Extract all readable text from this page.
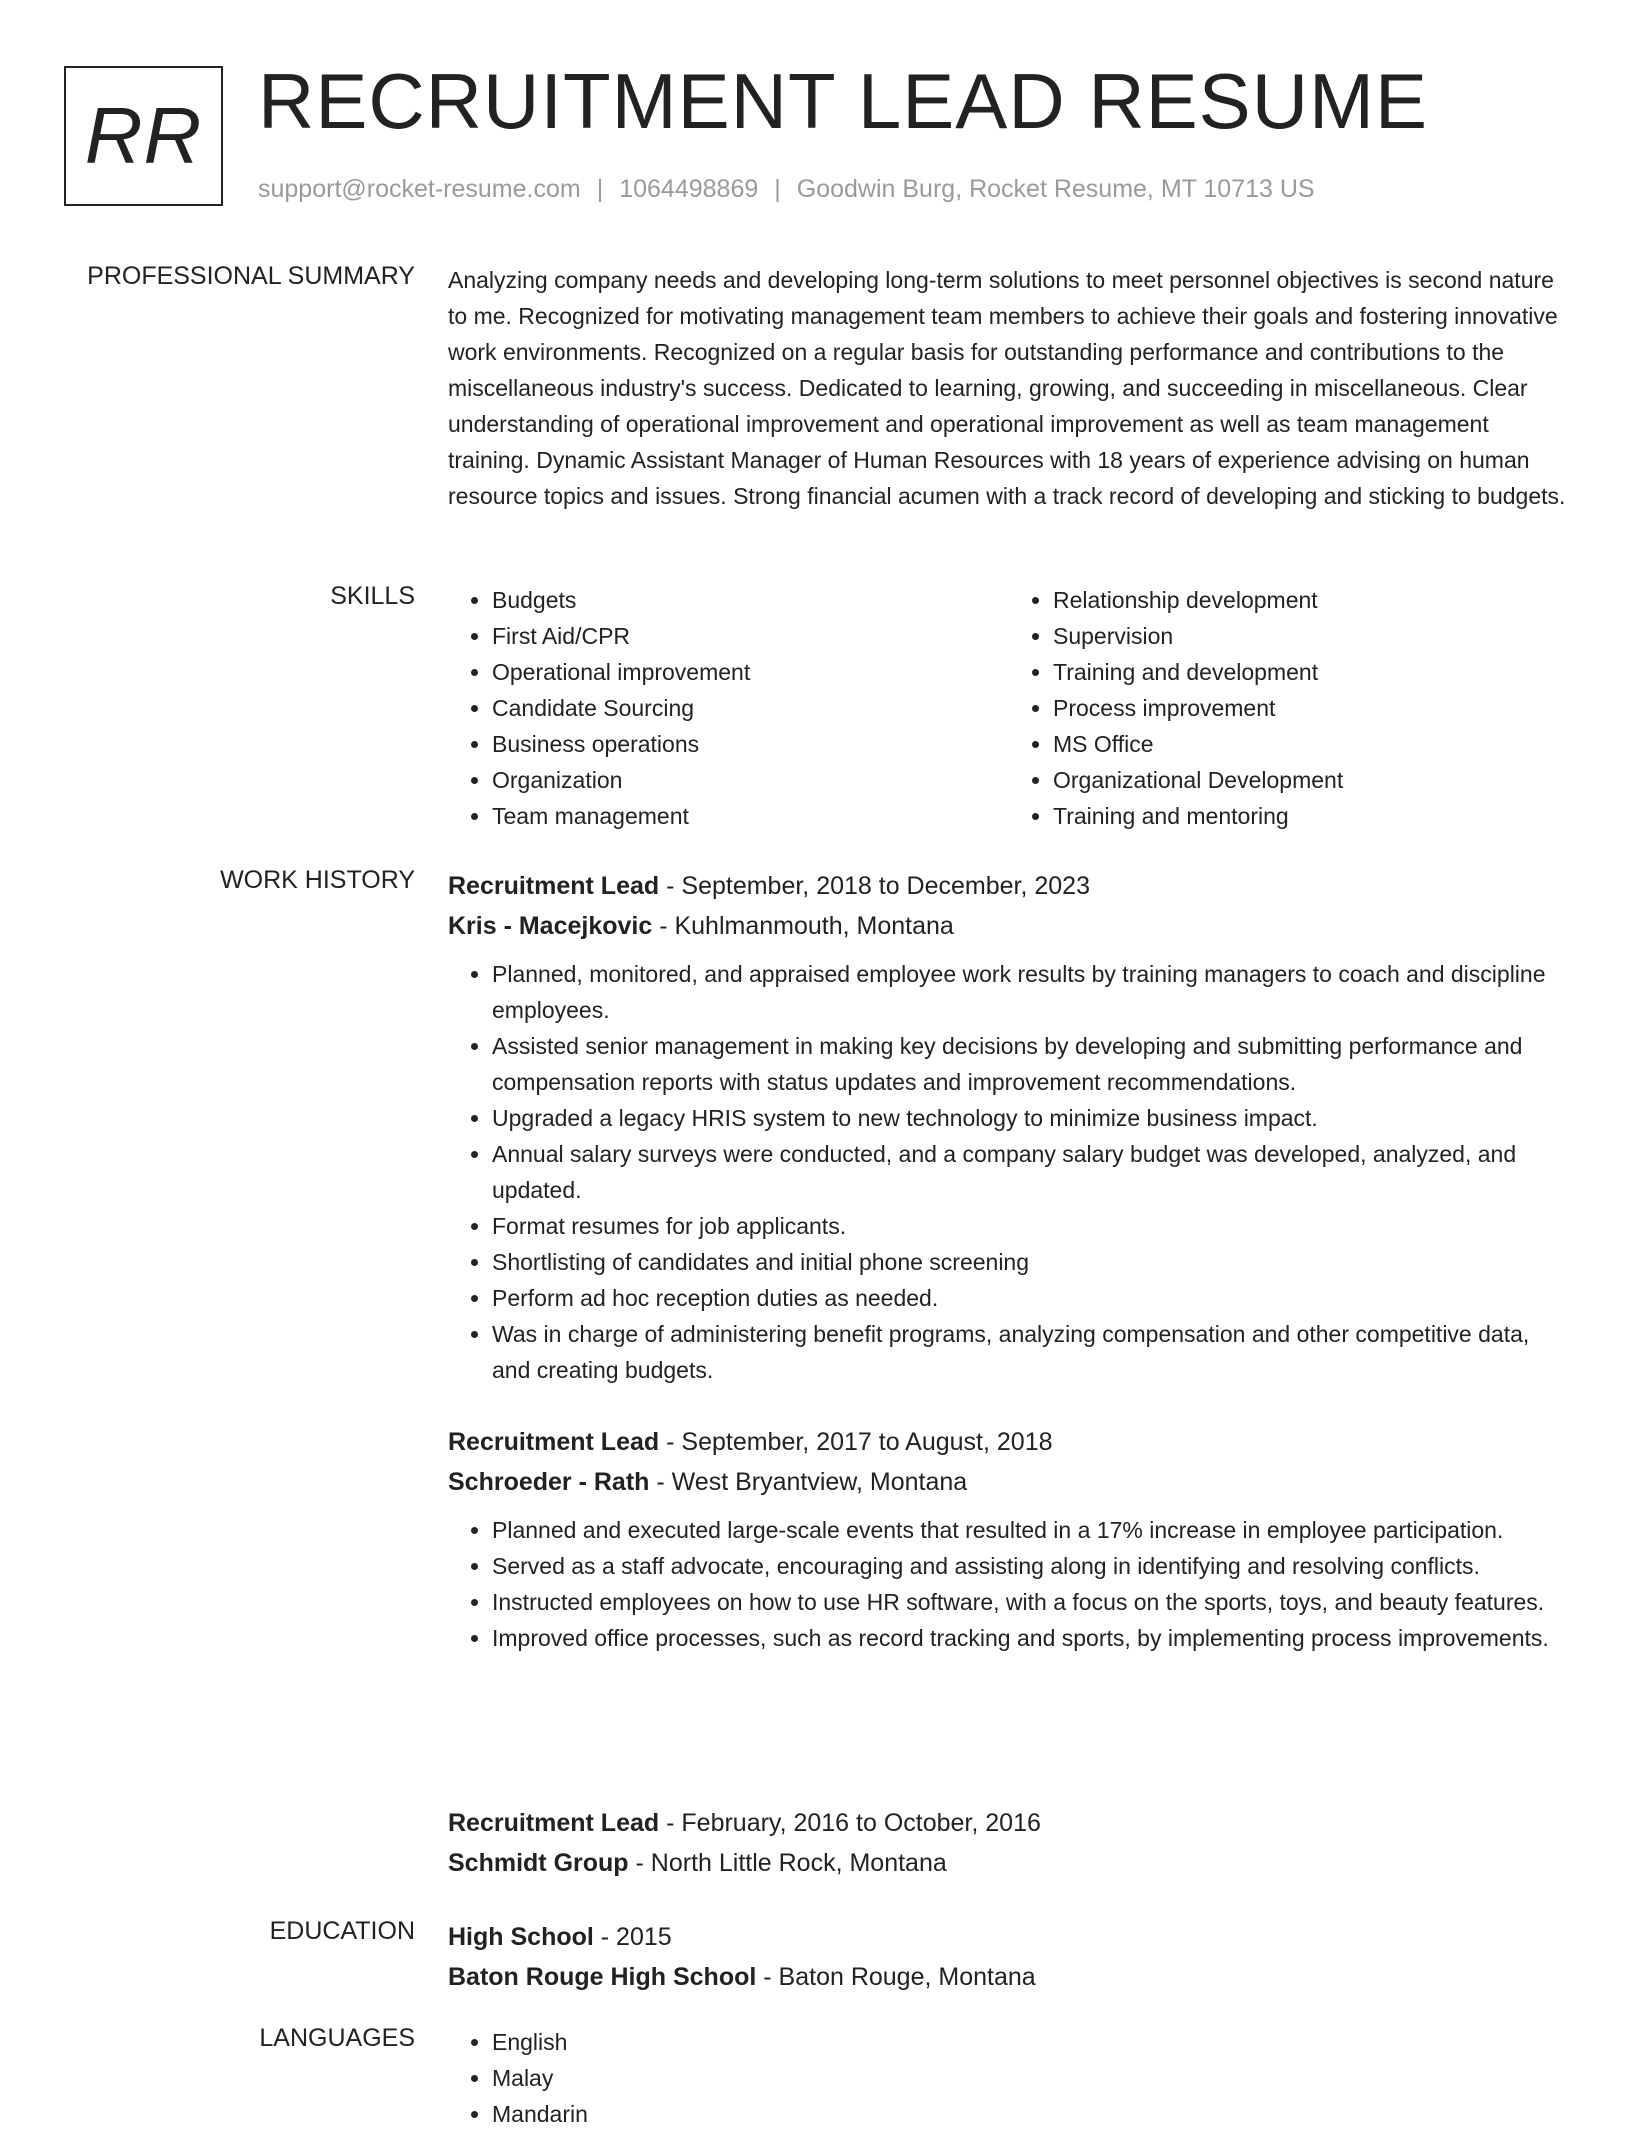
RR RECRUITMENT LEAD RESUME
support@rocket-resume.com | 1064498869 | Goodwin Burg, Rocket Resume, MT 10713 US
PROFESSIONAL SUMMARY Analyzing company needs and developing long-term solutions to meet personnel objectives is second nature to me. Recognized for motivating management team members to achieve their goals and fostering innovative work environments. Recognized on a regular basis for outstanding performance and contributions to the miscellaneous industry's success. Dedicated to learning, growing, and succeeding in miscellaneous. Clear understanding of operational improvement and operational improvement as well as team management training. Dynamic Assistant Manager of Human Resources with 18 years of experience advising on human resource topics and issues. Strong financial acumen with a track record of developing and sticking to budgets.

SKILLS	• Budgets
• First Aid/CPR
• Operational improvement
• Candidate Sourcing
• Business operations
• Organization
• Team management
• Relationship development
• Supervision
• Training and development
• Process improvement
• MS Office
• Organizational Development
• Training and mentoring
WORK HISTORY Recruitment Lead - September, 2018 to December, 2023
Kris - Macejkovic - Kuhlmanmouth, Montana
• Planned, monitored, and appraised employee work results by training managers to coach and discipline employees.
• Assisted senior management in making key decisions by developing and submitting performance and compensation reports with status updates and improvement recommendations.
• Upgraded a legacy HRIS system to new technology to minimize business impact.
• Annual salary surveys were conducted, and a company salary budget was developed, analyzed, and updated.
• Format resumes for job applicants.
• Shortlisting of candidates and initial phone screening
• Perform ad hoc reception duties as needed.
• Was in charge of administering benefit programs, analyzing compensation and other competitive data, and creating budgets.
Recruitment Lead - September, 2017 to August, 2018
Schroeder - Rath - West Bryantview, Montana
• Planned and executed large-scale events that resulted in a 17% increase in employee participation.
• Served as a staff advocate, encouraging and assisting along in identifying and resolving conflicts.
• Instructed employees on how to use HR software, with a focus on the sports, toys, and beauty features.
• Improved office processes, such as record tracking and sports, by implementing process improvements.
Recruitment Lead - February, 2016 to October, 2016
Schmidt Group - North Little Rock, Montana
EDUCATION High School - 2015
Baton Rouge High School - Baton Rouge, Montana
LANGUAGES	• English
• Malay
• Mandarin
